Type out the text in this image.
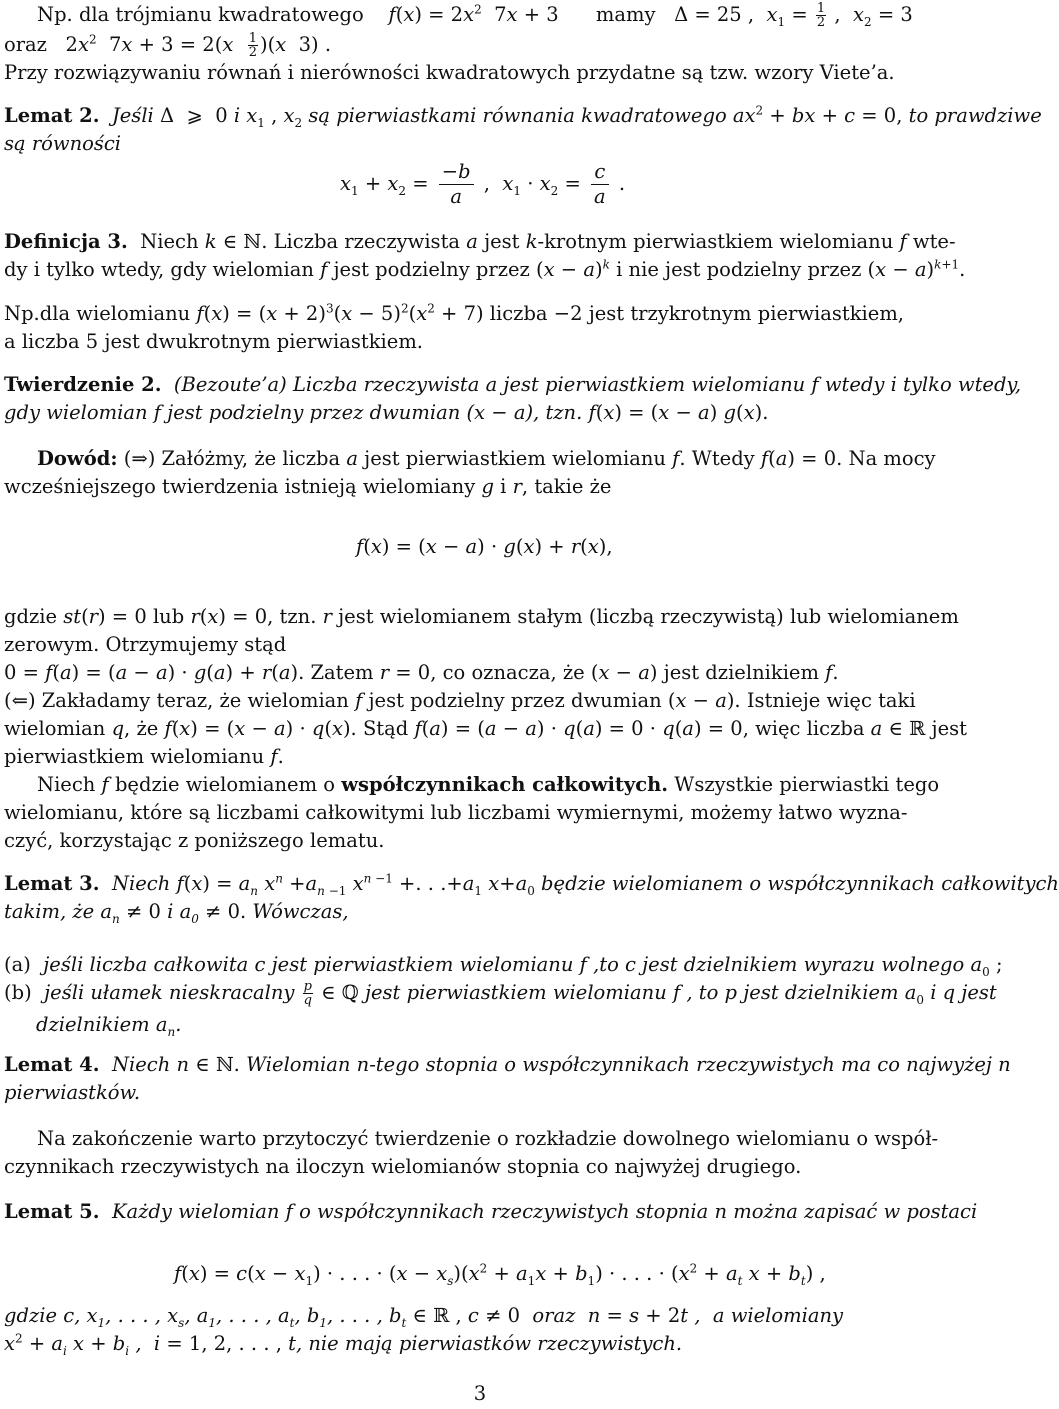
Np. dla trójmianu kwadratowego    $f(x) = 2x^2$  7x + 3      mamy   Δ = 25 ,  $x_1 = \frac{1}{2}$ ,  $x_2 = 3$
oraz   $2x^2$  $7x + 3 = 2(x \frac{1}{2} )(x$  3) .
Przy rozwiązywaniu równań i nierówności kwadratowych przydatne są tzw. wzory Viete’a.
Lemat 2. Jeśli Δ  ⩾  0 i $x_1$ , $x_2$ są pierwiastkami równania kwadratowego $ax^2$ + bx + c = 0, to prawdziwe
są równości
$x_1 + x_2 = \frac{-b}{a}$ ,  $x_1 \cdot x_2 = \frac{c}{a}$ .
Definicja 3.  Niech k ∈ ℕ. Liczba rzeczywista a jest k-krotnym pierwiastkiem wielomianu f wte-
dy i tylko wtedy, gdy wielomian f jest podzielny przez $(x - a)^k$ i nie jest podzielny przez $(x - a)^{k+1}$.
Np.dla wielomianu $f(x) = (x + 2)^3(x - 5)^2(x^2 + 7)$ liczba −2 jest trzykrotnym pierwiastkiem,
a liczba 5 jest dwukrotnym pierwiastkiem.
Twierdzenie 2. (Bezoute’a) Liczba rzeczywista a jest pierwiastkiem wielomianu f wtedy i tylko wtedy,
gdy wielomian f jest podzielny przez dwumian (x − a), tzn. f(x) = (x − a) g(x).
Dowód: (⇒) Załóżmy, że liczba a jest pierwiastkiem wielomianu f. Wtedy f(a) = 0. Na mocy
wcześniejszego twierdzenia istnieją wielomiany g i r, takie że
f(x) = (x − a) · g(x) + r(x),
gdzie st(r) = 0 lub r(x) = 0, tzn. r jest wielomianem stałym (liczbą rzeczywistą) lub wielomianem
zerowym. Otrzymujemy stąd
0 = f(a) = (a − a) · g(a) + r(a). Zatem r = 0, co oznacza, że (x − a) jest dzielnikiem f.
(⇐) Zakładamy teraz, że wielomian f jest podzielny przez dwumian (x − a). Istnieje więc taki
wielomian q, że f(x) = (x − a) · q(x). Stąd f(a) = (a − a) · q(a) = 0 · q(a) = 0, więc liczba a ∈ ℝ jest
pierwiastkiem wielomianu f.
Niech f będzie wielomianem o współczynnikach całkowitych. Wszystkie pierwiastki tego
wielomianu, które są liczbami całkowitymi lub liczbami wymiernymi, możemy łatwo wyzna-
czyć, korzystając z poniższego lematu.
Lemat 3. Niech $f(x) = a_n$ $x^n +a_{n -1}$ $x^{n -1}$ +. . $.+a_1$ $x+a_0$ będzie wielomianem o współczynnikach całkowitych
takim, że $a_n \ne 0$ i $a_0 \ne 0$. Wówczas,
(a)  jeśli liczba całkowita c jest pierwiastkiem wielomianu f ,to c jest dzielnikiem wyrazu wolnego $a_0$ ;
(b)  jeśli ułamek nieskracalny $\frac{p}{q}$ ∈ ℚ jest pierwiastkiem wielomianu f , to p jest dzielnikiem $a_0$ i q jest
dzielnikiem $a_n$.
Lemat 4. Niech n ∈ ℕ. Wielomian n-tego stopnia o współczynnikach rzeczywistych ma co najwyżej n
pierwiastków.
Na zakończenie warto przytoczyć twierdzenie o rozkładzie dowolnego wielomianu o współ-
czynnikach rzeczywistych na iloczyn wielomianów stopnia co najwyżej drugiego.
Lemat 5. Każdy wielomian f o współczynnikach rzeczywistych stopnia n można zapisać w postaci
$f(x) = c(x - x_1)$ · . . . · $(x - x_s)(x^2 + a_1x + b_1)$ · . . . · ($x^2 + a_t$ $x + b_t$) ,
gdzie c, $x_1$, . . . , $x_s$, $a_1$, . . . , $a_t$, $b_1$, . . . , $b_t$ ∈ ℝ , c ≠ 0  oraz  n = s + 2t ,  a wielomiany
$x^2 + a_i$ $x + b_i$ ,  i = 1, 2, . . . , t, nie mają pierwiastków rzeczywistych.
3
